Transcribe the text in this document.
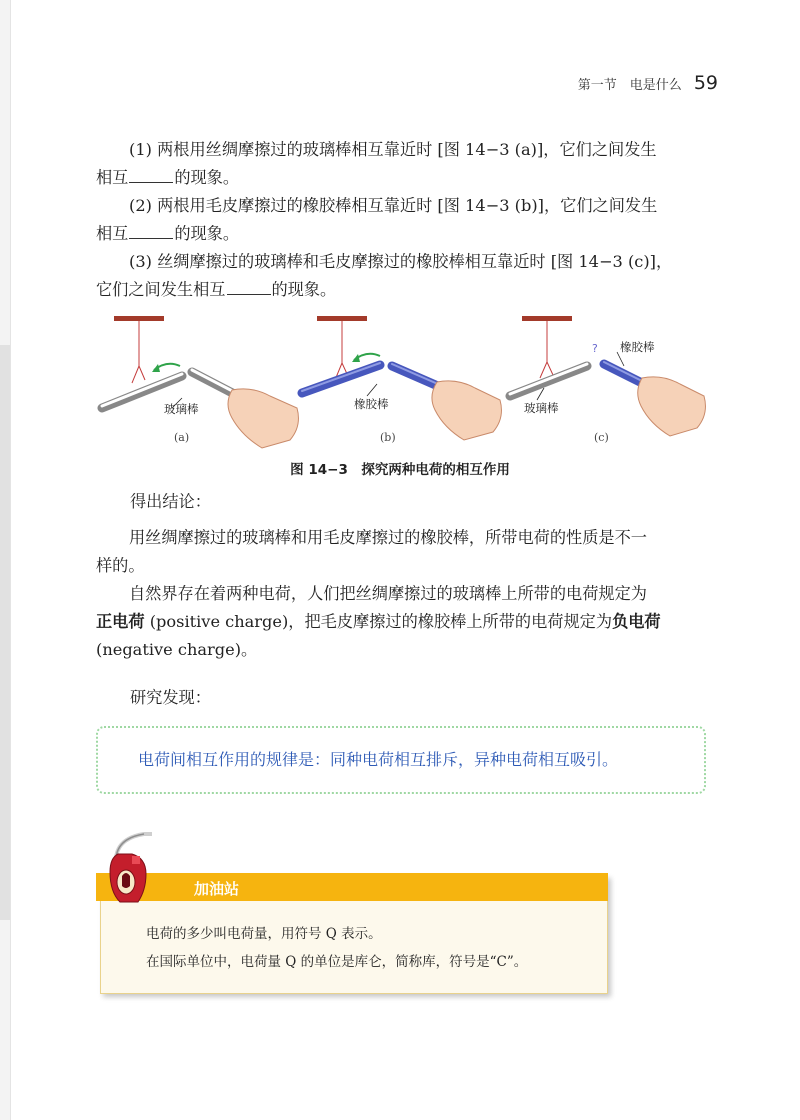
第一节　电是什么 59
(1) 两根用丝绸摩擦过的玻璃棒相互靠近时 [图 14−3 (a)]，它们之间发生
相互	的现象。
(2) 两根用毛皮摩擦过的橡胶棒相互靠近时 [图 14−3 (b)]，它们之间发生
相互	的现象。
(3) 丝绸摩擦过的玻璃棒和毛皮摩擦过的橡胶棒相互靠近时 [图 14−3 (c)]，
它们之间发生相互	的现象。
玻璃棒
(a)
橡胶棒
(b)
? 橡胶棒
玻璃棒
(c)
图 14−3　探究两种电荷的相互作用
得出结论：
用丝绸摩擦过的玻璃棒和用毛皮摩擦过的橡胶棒，所带电荷的性质是不一
样的。
自然界存在着两种电荷，人们把丝绸摩擦过的玻璃棒上所带的电荷规定为
正电荷 (positive charge)，把毛皮摩擦过的橡胶棒上所带的电荷规定为负电荷
(negative charge)。
研究发现：
电荷间相互作用的规律是：同种电荷相互排斥，异种电荷相互吸引。
加油站
电荷的多少叫电荷量，用符号 Q 表示。
在国际单位中，电荷量 Q 的单位是库仑，简称库，符号是“C”。
